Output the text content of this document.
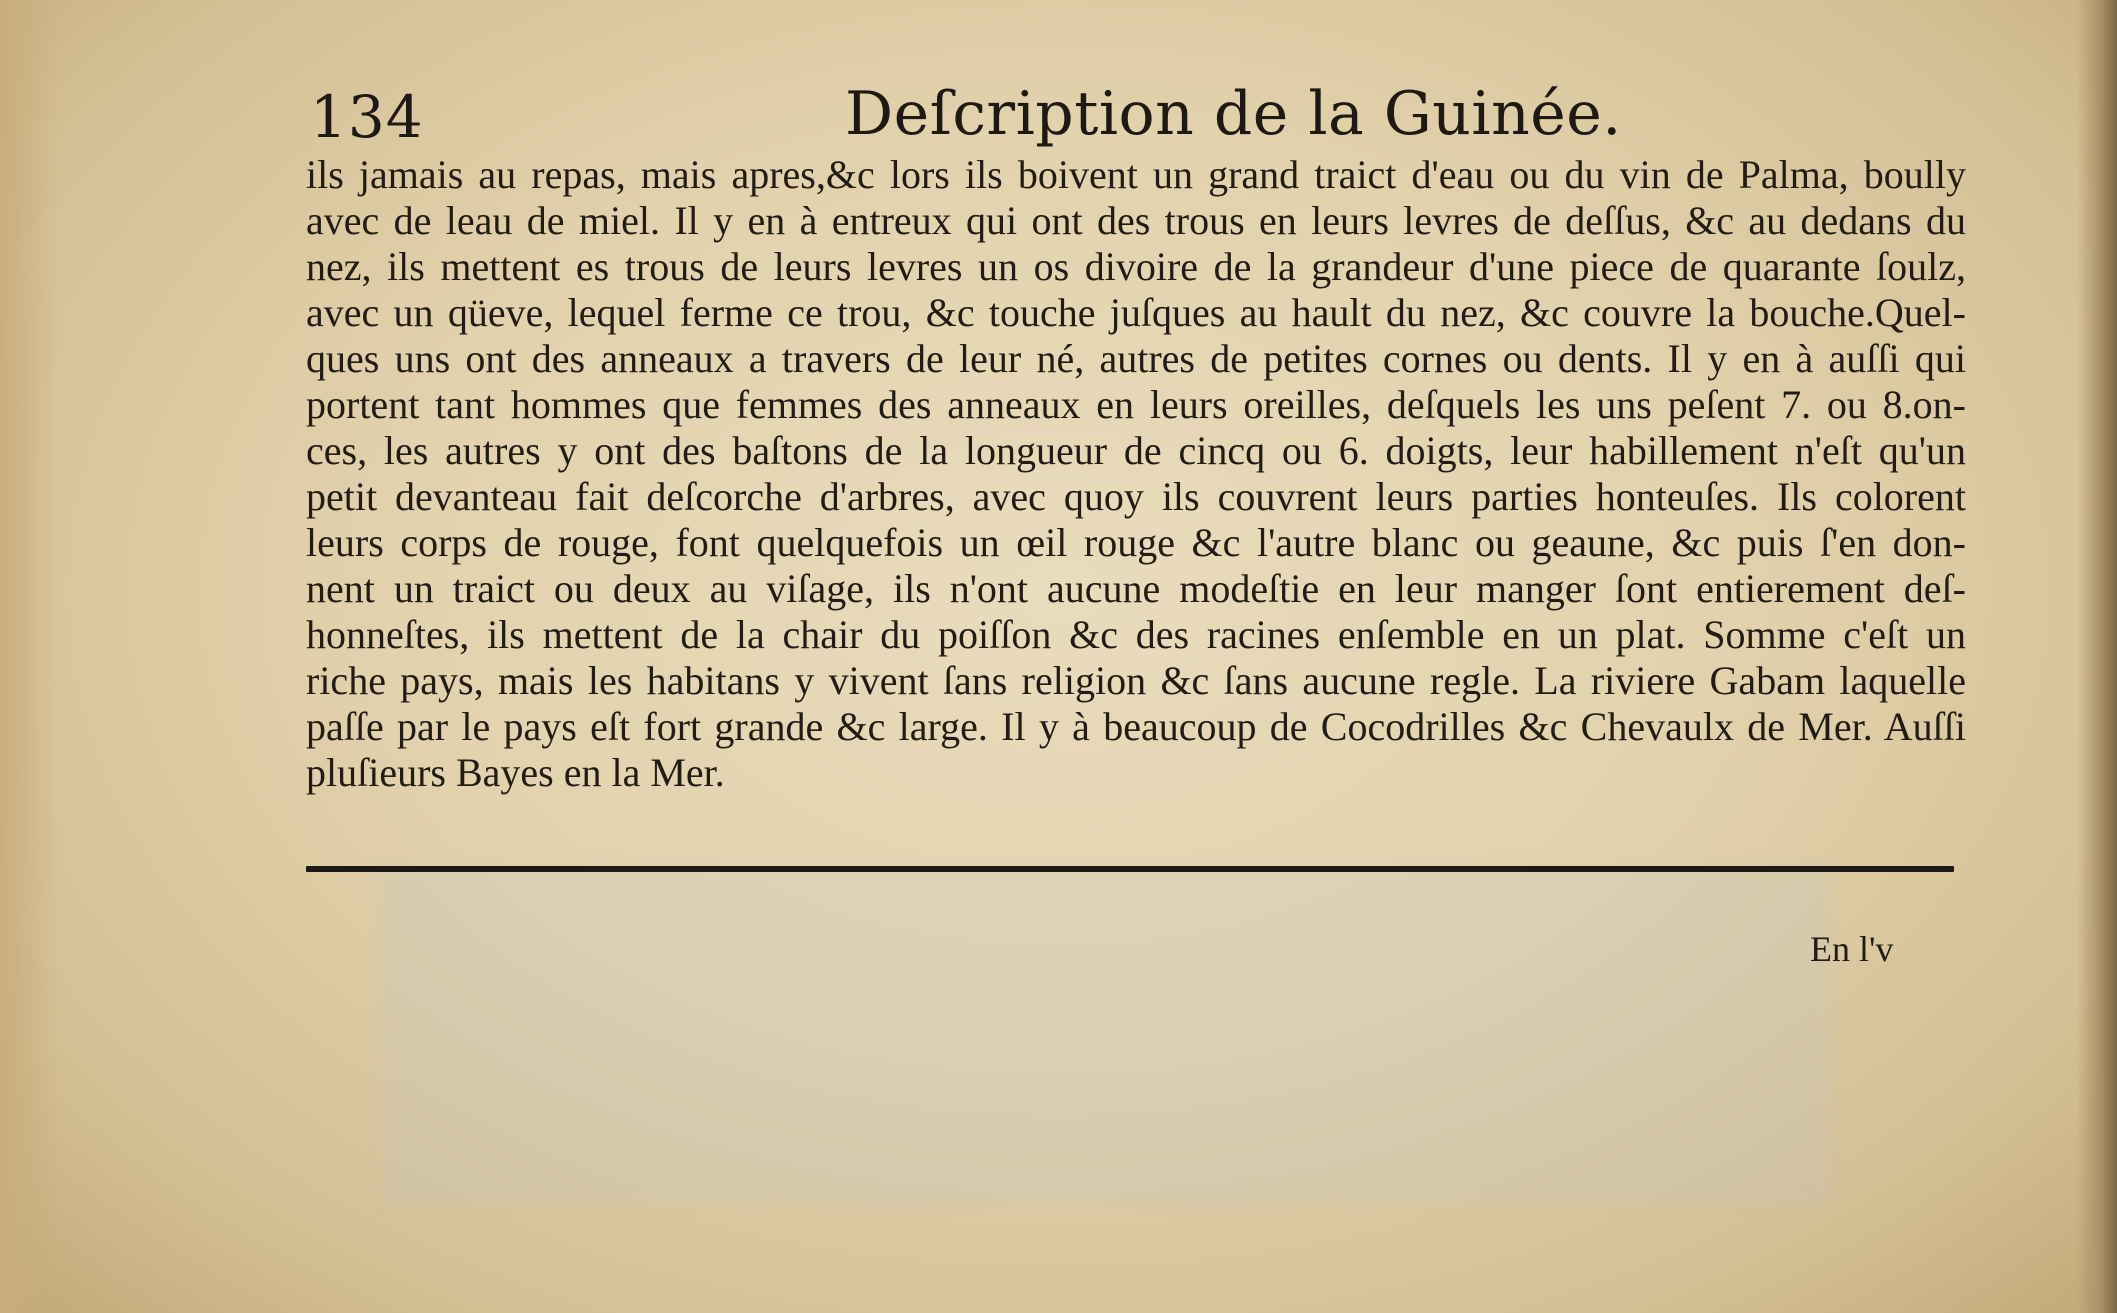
134	Deſcription de la Guinée.
ils jamais au repas, mais apres,&c lors ils boivent un grand traict d'eau ou du vin de Palma, boully
avec de leau de miel. Il y en à entreux qui ont des trous en leurs levres de deſſus, &c au dedans du
nez, ils mettent es trous de leurs levres un os divoire de la grandeur d'une piece de quarante ſoulz,
avec un qüeve, lequel ferme ce trou, &c touche juſques au hault du nez, &c couvre la bouche.Quel-
ques uns ont des anneaux a travers de leur né, autres de petites cornes ou dents. Il y en à auſſi qui
portent tant hommes que femmes des anneaux en leurs oreilles, deſquels les uns peſent 7. ou 8.on-
ces, les autres y ont des baſtons de la longueur de cincq ou 6. doigts, leur habillement n'eſt qu'un
petit devanteau fait deſcorche d'arbres, avec quoy ils couvrent leurs parties honteuſes. Ils colorent
leurs corps de rouge, font quelquefois un œil rouge &c l'autre blanc ou geaune, &c puis ſ'en don-
nent un traict ou deux au viſage, ils n'ont aucune modeſtie en leur manger ſont entierement deſ-
honneſtes, ils mettent de la chair du poiſſon &c des racines enſemble en un plat. Somme c'eſt un
riche pays, mais les habitans y vivent ſans religion &c ſans aucune regle. La riviere Gabam laquelle
paſſe par le pays eſt fort grande &c large. Il y à beaucoup de Cocodrilles &c Chevaulx de Mer. Auſſi
pluſieurs Bayes en la Mer.
En l'v
